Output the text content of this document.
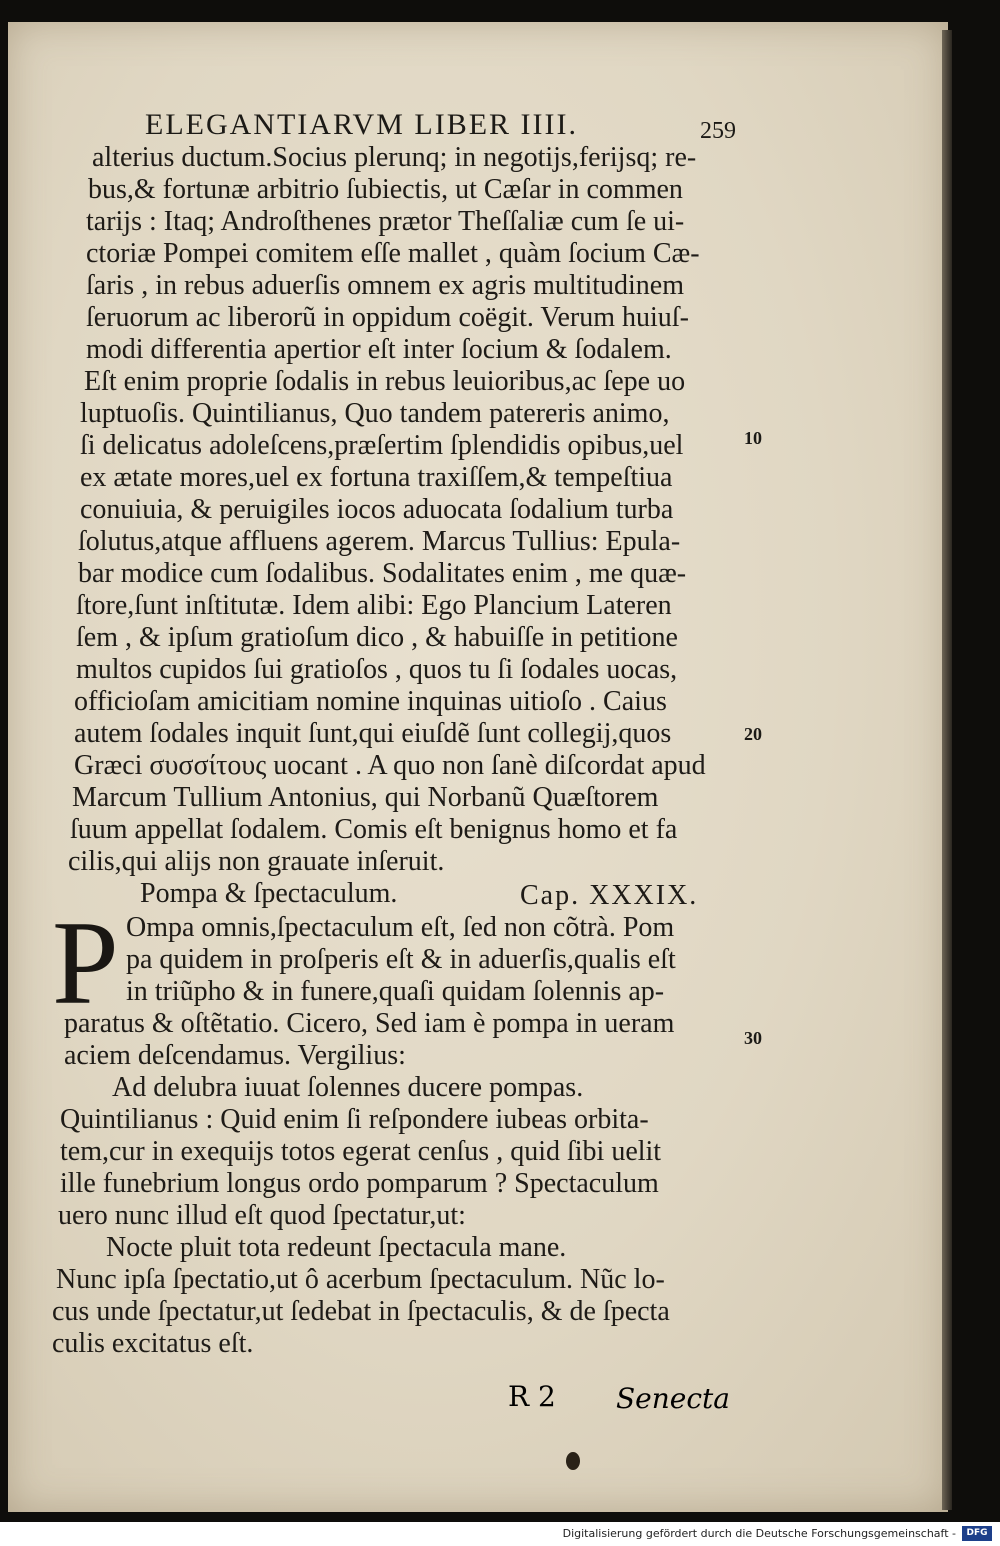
ELEGANTIARVM LIBER IIII.	259
alterius ductum.Socius plerunq; in negotijs,ferijsq; re-
bus,& fortunæ arbitrio ſubiectis, ut Cæſar in commen
tarijs : Itaq; Androſthenes prætor Theſſaliæ cum ſe ui-
ctoriæ Pompei comitem eſſe mallet , quàm ſocium Cæ-
ſaris , in rebus aduerſis omnem ex agris multitudinem
ſeruorum ac liberorũ in oppidum coëgit. Verum huiuſ-
modi differentia apertior eſt inter ſocium & ſodalem.
Eſt enim proprie ſodalis in rebus leuioribus,ac ſepe uo
luptuoſis. Quintilianus, Quo tandem patereris animo,
ſi delicatus adoleſcens,præſertim ſplendidis opibus,uel
ex ætate mores,uel ex fortuna traxiſſem,& tempeſtiua
conuiuia, & peruigiles iocos aduocata ſodalium turba
ſolutus,atque affluens agerem. Marcus Tullius: Epula-
bar modice cum ſodalibus. Sodalitates enim , me quæ-
ſtore,ſunt inſtitutæ. Idem alibi: Ego Plancium Lateren
ſem , & ipſum gratioſum dico , & habuiſſe in petitione
multos cupidos ſui gratioſos , quos tu ſi ſodales uocas,
officioſam amicitiam nomine inquinas uitioſo . Caius
autem ſodales inquit ſunt,qui eiuſdẽ ſunt collegij,quos
Græci συσσίτους uocant . A quo non ſanè diſcordat apud
Marcum Tullium Antonius, qui Norbanũ Quæſtorem
ſuum appellat ſodalem. Comis eſt benignus homo et fa
cilis,qui alijs non grauate inſeruit.
Pompa & ſpectaculum.	Cap. XXXIX.
P Ompa omnis,ſpectaculum eſt, ſed non cõtrà. Pom
pa quidem in proſperis eſt & in aduerſis,qualis eſt
in triũpho & in funere,quaſi quidam ſolennis ap-
paratus & oſtẽtatio. Cicero, Sed iam è pompa in ueram
aciem deſcendamus. Vergilius:
Ad delubra iuuat ſolennes ducere pompas.
Quintilianus : Quid enim ſi reſpondere iubeas orbita-
tem,cur in exequijs totos egerat cenſus , quid ſibi uelit
ille funebrium longus ordo pomparum ? Spectaculum
uero nunc illud eſt quod ſpectatur,ut:
Nocte pluit tota redeunt ſpectacula mane.
Nunc ipſa ſpectatio,ut ô acerbum ſpectaculum. Nũc lo-
cus unde ſpectatur,ut ſedebat in ſpectaculis, & de ſpecta
culis excitatus eſt.
10
20
30
R 2 Senecta
Digitalisierung gefördert durch die Deutsche Forschungsgemeinschaft -	DFG
